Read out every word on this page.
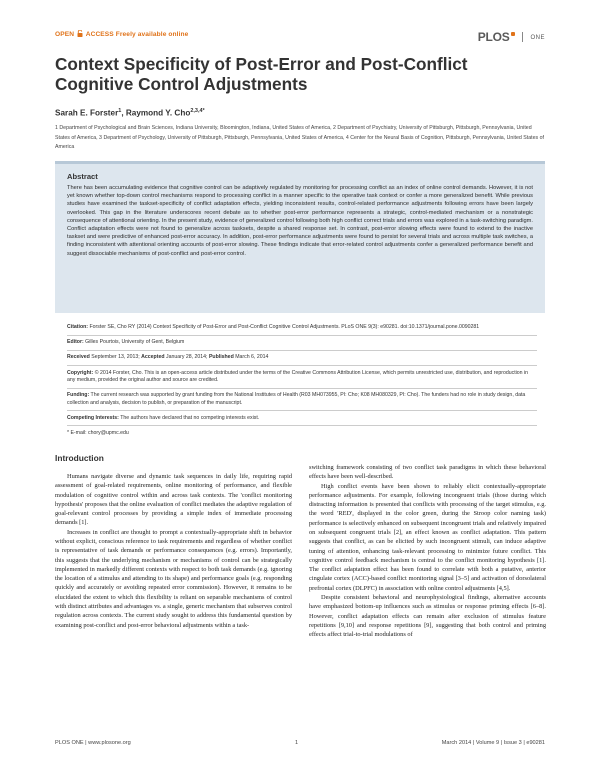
OPEN ACCESS Freely available online	PLOS	ONE
Context Specificity of Post-Error and Post-Conflict Cognitive Control Adjustments
Sarah E. Forster$^1$, Raymond Y. Cho$^{2,3,4*}$
1 Department of Psychological and Brain Sciences, Indiana University, Bloomington, Indiana, United States of America, 2 Department of Psychiatry, University of Pittsburgh, Pittsburgh, Pennsylvania, United States of America, 3 Department of Psychology, University of Pittsburgh, Pittsburgh, Pennsylvania, United States of America, 4 Center for the Neural Basis of Cognition, Pittsburgh, Pennsylvania, United States of America
Abstract

There has been accumulating evidence that cognitive control can be adaptively regulated by monitoring for processing conflict as an index of online control demands. However, it is not yet known whether top-down control mechanisms respond to processing conflict in a manner specific to the operative task context or confer a more generalized benefit. While previous studies have examined the taskset-specificity of conflict adaptation effects, yielding inconsistent results, control-related performance adjustments following errors have been largely overlooked. This gap in the literature underscores recent debate as to whether post-error performance represents a strategic, control-mediated mechanism or a nonstrategic consequence of attentional orienting. In the present study, evidence of generalized control following both high conflict correct trials and errors was explored in a task-switching paradigm. Conflict adaptation effects were not found to generalize across tasksets, despite a shared response set. In contrast, post-error slowing effects were found to extend to the inactive taskset and were predictive of enhanced post-error accuracy. In addition, post-error performance adjustments were found to persist for several trials and across multiple task switches, a finding inconsistent with attentional orienting accounts of post-error slowing. These findings indicate that error-related control adjustments confer a generalized performance benefit and suggest dissociable mechanisms of post-conflict and post-error control.

Citation: Forster SE, Cho RY (2014) Context Specificity of Post-Error and Post-Conflict Cognitive Control Adjustments. PLoS ONE 9(3): e90281. doi:10.1371/journal.pone.0090281
Editor: Gilles Pourtois, University of Gent, Belgium
Received September 13, 2013; Accepted January 28, 2014; Published March 6, 2014
Copyright: © 2014 Forster, Cho. This is an open-access article distributed under the terms of the Creative Commons Attribution License, which permits unrestricted use, distribution, and reproduction in any medium, provided the original author and source are credited.
Funding: The current research was supported by grant funding from the National Institutes of Health (R03 MH073955, PI: Cho; K08 MH080329, PI: Cho). The funders had no role in study design, data collection and analysis, decision to publish, or preparation of the manuscript.
Competing Interests: The authors have declared that no competing interests exist.
* E-mail: chory@upmc.edu
Introduction

Humans navigate diverse and dynamic task sequences in daily life, requiring rapid assessment of goal-related requirements, online monitoring of performance, and flexible modulation of cognitive control within and across task contexts. The 'conflict monitoring hypothesis' proposes that the online evaluation of conflict mediates the adaptive regulation of goal-relevant control processes by providing a simple index of immediate processing demands [1].

Increases in conflict are thought to prompt a contextually-appropriate shift in behavior without explicit, conscious reference to task requirements and regardless of whether conflict is representative of task demands or performance consequences (e.g. errors). Importantly, this suggests that the underlying mechanism or mechanisms of control can be strategically implemented in markedly different contexts with respect to both task demands (e.g. ignoring the location of a stimulus and attending to its shape) and performance goals (e.g. responding quickly and accurately or avoiding repeated error commission). However, it remains to be elucidated the extent to which this flexibility is reliant on separable mechanisms of control with distinct attributes and advantages vs. a single, generic mechanism that subserves control regulation across contexts. The current study sought to address this fundamental question by examining post-conflict and post-error behavioral adjustments within a task-

switching framework consisting of two conflict task paradigms in which these behavioral effects have been well-described.

High conflict events have been shown to reliably elicit contextually-appropriate performance adjustments. For example, following incongruent trials (those during which distracting information is presented that conflicts with processing of the target stimulus, e.g. the word 'RED', displayed in the color green, during the Stroop color naming task) performance is selectively enhanced on subsequent incongruent trials and relatively impaired on subsequent congruent trials [2], an effect known as conflict adaptation. This pattern suggests that conflict, as can be elicited by such incongruent stimuli, can induce adaptive tuning of attention, enhancing task-relevant processing to minimize future conflict. This cognitive control feedback mechanism is central to the conflict monitoring hypothesis [1]. The conflict adaptation effect has been found to correlate with both a putative, anterior cingulate cortex (ACC)-based conflict monitoring signal [3–5] and activation of dorsolateral prefrontal cortex (DLPFC) in association with online control adjustments [4,5].

Despite consistent behavioral and neurophysiological findings, alternative accounts have emphasized bottom-up influences such as stimulus or response priming effects [6–8]. However, conflict adaptation effects can remain after exclusion of stimulus feature repetitions [9,10] and response repetitions [9], suggesting that both control and priming effects affect trial-to-trial modulations of

PLOS ONE | www.plosone.org	1	March 2014 | Volume 9 | Issue 3 | e90281
